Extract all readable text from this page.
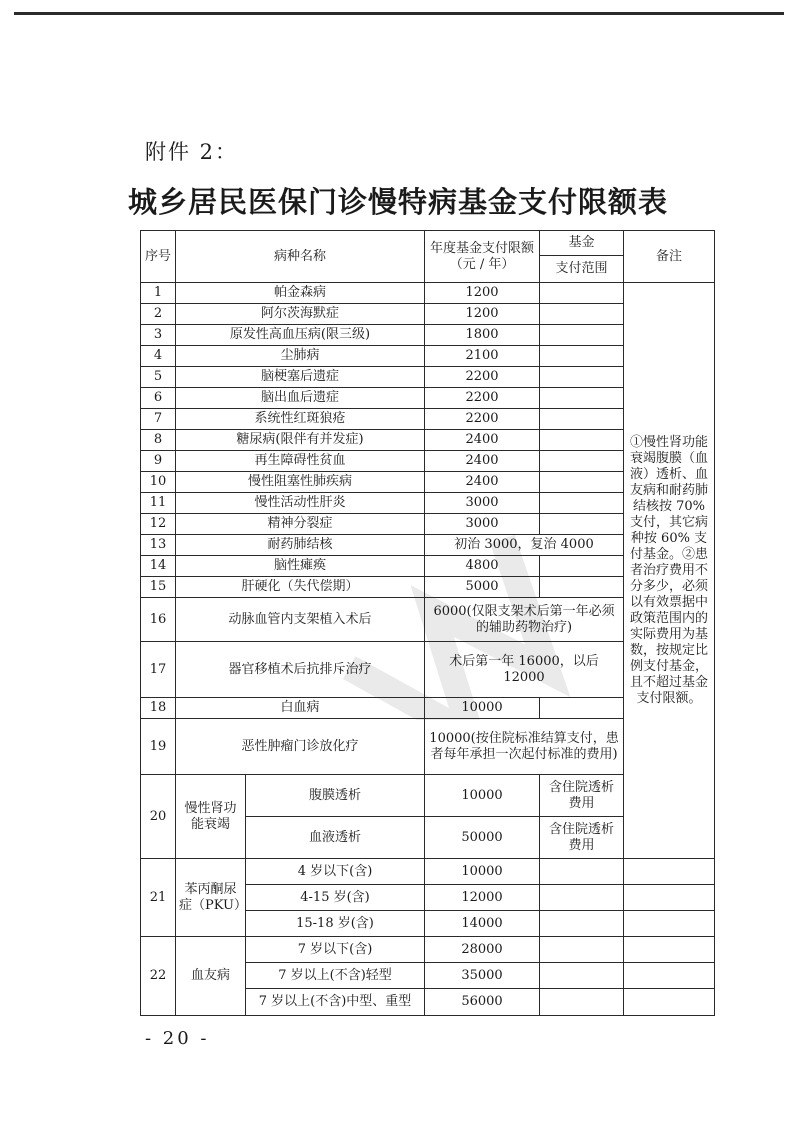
附件 2：
城乡居民医保门诊慢特病基金支付限额表
序号	病种名称		年度基金支付限额（元 / 年）	基金	备注
				支付范围	
1	帕金森病		1200		①慢性肾功能衰竭腹膜（血液）透析、血友病和耐药肺结核按 70% 支付，其它病种按 60% 支付基金。②患者治疗费用不分多少，必须以有效票据中政策范围内的实际费用为基数，按规定比例支付基金，且不超过基金支付限额。
2	阿尔茨海默症		1200		
3	原发性高血压病(限三级)		1800		
4	尘肺病		2100		
5	脑梗塞后遗症		2200		
6	脑出血后遗症		2200		
7	系统性红斑狼疮		2200		
8	糖尿病(限伴有并发症)		2400		
9	再生障碍性贫血		2400		
10	慢性阻塞性肺疾病		2400		
11	慢性活动性肝炎		3000		
12	精神分裂症		3000		
13	耐药肺结核		初治 3000，复治 4000		
14	脑性瘫痪		4800		
15	肝硬化（失代偿期）		5000		
16	动脉血管内支架植入术后		6000(仅限支架术后第一年必须的辅助药物治疗)		
17	器官移植术后抗排斥治疗		术后第一年 16000，以后 12000		
18	白血病		10000		
19	恶性肿瘤门诊放化疗		10000(按住院标准结算支付，患者每年承担一次起付标准的费用)		
20	慢性肾功能衰竭	腹膜透析	10000	含住院透析费用	
		血液透析	50000	含住院透析费用	
21	苯丙酮尿症（PKU）	4 岁以下(含)	10000		
		4-15 岁(含)	12000		
		15-18 岁(含)	14000		
22	血友病	7 岁以下(含)	28000		
		7 岁以上(不含)轻型	35000		
		7 岁以上(不含)中型、重型	56000		
- 20 -
